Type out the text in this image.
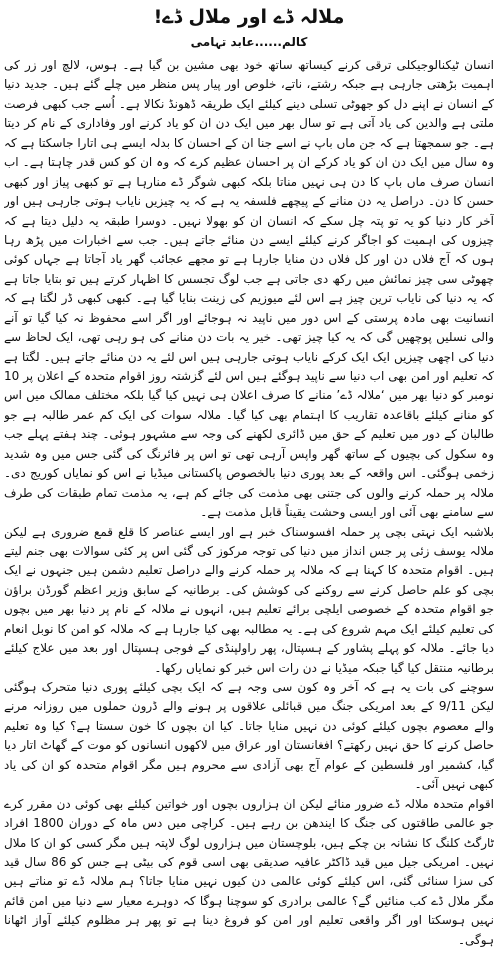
ملالہ ڈے اور ملال ڈے!
کالم......عابد تہامی

انسان ٹیکنالوجیکلی ترقی کرنے کیساتھ ساتھ خود بھی مشین بن گیا ہے۔ ہوس، لالچ اور زر کی اہمیت بڑھتی جارہی ہے جبکہ رشتے، ناتے، خلوص اور پیار پس منظر میں چلے گئے ہیں۔ جدید دنیا کے انسان نے اپنے دل کو جھوٹی تسلی دینے کیلئے ایک طریقہ ڈھونڈ نکالا ہے۔ اُسے جب کبھی فرصت ملتی ہے والدین کی یاد آتی ہے تو سال بھر میں ایک دن ان کو یاد کرنے اور وفاداری کے نام کر دیتا ہے۔ جو سمجھتا ہے کہ جن ماں باپ نے اسے جنا ان کے احسان کا بدلہ ایسے ہی اتارا جاسکتا ہے کہ وہ سال میں ایک دن ان کو یاد کرکے ان پر احسان عظیم کرے کہ وہ ان کو کس قدر چاہتا ہے۔ اب انسان صرف ماں باپ کا دن ہی نہیں مناتا بلکہ کبھی شوگر ڈے منارہا ہے تو کبھی پیاز اور کبھی حسن کا دن۔ دراصل یہ دن منانے کے پیچھے فلسفہ یہ ہے کہ یہ چیزیں نایاب ہوتی جارہی ہیں اور آخر کار دنیا کو یہ تو پتہ چل سکے کہ انسان ان کو بھولا نہیں۔ دوسرا طبقہ یہ دلیل دیتا ہے کہ چیزوں کی اہمیت کو اجاگر کرنے کیلئے ایسے دن منائے جاتے ہیں۔ جب سے اخبارات میں پڑھ رہا ہوں کہ آج فلاں دن اور کل فلاں دن منایا جارہا ہے تو مجھے عجائب گھر یاد آجاتا ہے جہاں کوئی چھوٹی سی چیز نمائش میں رکھ دی جاتی ہے جب لوگ تجسس کا اظہار کرتے ہیں تو بتایا جاتا ہے کہ یہ دنیا کی نایاب ترین چیز ہے اس لئے میوزیم کی زینت بنایا گیا ہے۔ کبھی کبھی ڈر لگتا ہے کہ انسانیت بھی مادہ پرستی کے اس دور میں ناپید نہ ہوجائے اور اگر اسے محفوظ نہ کیا گیا تو آنے والی نسلیں پوچھیں گی کہ یہ کیا چیز تھی۔ خیر یہ بات دن منانے کی ہو رہی تھی، ایک لحاظ سے دنیا کی اچھی چیزیں ایک ایک کرکے نایاب ہوتی جارہی ہیں اس لئے یہ دن منائے جاتے ہیں۔ لگتا ہے کہ تعلیم اور امن بھی اب دنیا سے ناپید ہوگئے ہیں اس لئے گزشتہ روز اقوام متحدہ کے اعلان پر 10 نومبر کو دنیا بھر میں ‘ملالہ ڈے’ منانے کا صرف اعلان ہی نہیں کیا گیا بلکہ مختلف ممالک میں اس کو منانے کیلئے باقاعدہ تقاریب کا اہتمام بھی کیا گیا۔ ملالہ سوات کی ایک کم عمر طالبہ ہے جو طالبان کے دور میں تعلیم کے حق میں ڈائری لکھنے کی وجہ سے مشہور ہوئی۔ چند ہفتے پہلے جب وہ سکول کی بچیوں کے ساتھ گھر واپس آرہی تھی تو اس پر فائرنگ کی گئی جس میں وہ شدید زخمی ہوگئی۔ اس واقعہ کے بعد پوری دنیا بالخصوص پاکستانی میڈیا نے اس کو نمایاں کوریج دی۔ ملالہ پر حملہ کرنے والوں کی جتنی بھی مذمت کی جائے کم ہے، یہ مذمت تمام طبقات کی طرف سے سامنے بھی آئی اور ایسی وحشت یقیناً قابل مذمت ہے۔

بلاشبہ ایک نہتی بچی پر حملہ افسوسناک خبر ہے اور ایسے عناصر کا قلع قمع ضروری ہے لیکن ملالہ یوسف زئی پر جس انداز میں دنیا کی توجہ مرکوز کی گئی اس پر کئی سوالات بھی جنم لیتے ہیں۔ اقوام متحدہ کا کہنا ہے کہ ملالہ پر حملہ کرنے والے دراصل تعلیم دشمن ہیں جنہوں نے ایک بچی کو علم حاصل کرنے سے روکنے کی کوشش کی۔ برطانیہ کے سابق وزیر اعظم گورڈن براؤن جو اقوام متحدہ کے خصوصی ایلچی برائے تعلیم ہیں، انہوں نے ملالہ کے نام پر دنیا بھر میں بچوں کی تعلیم کیلئے ایک مہم شروع کی ہے۔ یہ مطالبہ بھی کیا جارہا ہے کہ ملالہ کو امن کا نوبل انعام دیا جائے۔ ملالہ کو پہلے پشاور کے ہسپتال، پھر راولپنڈی کے فوجی ہسپتال اور بعد میں علاج کیلئے برطانیہ منتقل کیا گیا جبکہ میڈیا نے دن رات اس خبر کو نمایاں رکھا۔

سوچنے کی بات یہ ہے کہ آخر وہ کون سی وجہ ہے کہ ایک بچی کیلئے پوری دنیا متحرک ہوگئی لیکن 9/11 کے بعد امریکی جنگ میں قبائلی علاقوں پر ہونے والے ڈرون حملوں میں روزانہ مرنے والے معصوم بچوں کیلئے کوئی دن نہیں منایا جاتا۔ کیا ان بچوں کا خون سستا ہے؟ کیا وہ تعلیم حاصل کرنے کا حق نہیں رکھتے؟ افغانستان اور عراق میں لاکھوں انسانوں کو موت کے گھاٹ اتار دیا گیا، کشمیر اور فلسطین کے عوام آج بھی آزادی سے محروم ہیں مگر اقوام متحدہ کو ان کی یاد کبھی نہیں آئی۔

اقوام متحدہ ملالہ ڈے ضرور منائے لیکن ان ہزاروں بچوں اور خواتین کیلئے بھی کوئی دن مقرر کرے جو عالمی طاقتوں کی جنگ کا ایندھن بن رہے ہیں۔ کراچی میں دس ماہ کے دوران 1800 افراد ٹارگٹ کلنگ کا نشانہ بن چکے ہیں، بلوچستان میں ہزاروں لوگ لاپتہ ہیں مگر کسی کو ان کا ملال نہیں۔ امریکی جیل میں قید ڈاکٹر عافیہ صدیقی بھی اسی قوم کی بیٹی ہے جس کو 86 سال قید کی سزا سنائی گئی، اس کیلئے کوئی عالمی دن کیوں نہیں منایا جاتا؟ ہم ملالہ ڈے تو مناتے ہیں مگر ملال ڈے کب منائیں گے؟ عالمی برادری کو سوچنا ہوگا کہ دوہرے معیار سے دنیا میں امن قائم نہیں ہوسکتا اور اگر واقعی تعلیم اور امن کو فروغ دینا ہے تو پھر ہر مظلوم کیلئے آواز اٹھانا ہوگی۔
